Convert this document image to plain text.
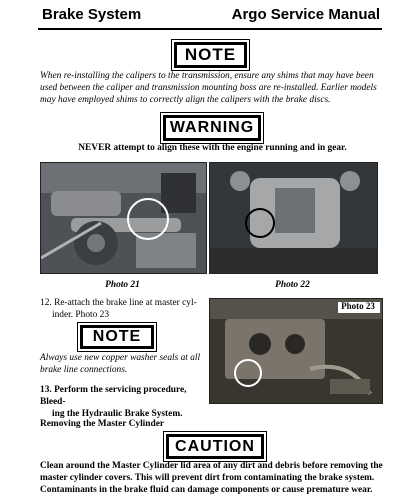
Brake System	Argo Service Manual
NOTE
When re-installing the calipers to the transmission, ensure any shims that may have been
used between the caliper and transmission mounting boss are re-installed. Earlier models
may have employed shims to correctly align the calipers with the brake discs.
WARNING
NEVER attempt to align these with the engine running and in gear.
Photo 21	Photo 22
12. Re-attach the brake line at master cyl-
inder. Photo 23
NOTE
Always use new copper washer seals at all
brake line connections.
13. Perform the servicing procedure, Bleed-
ing the Hydraulic Brake System.
Removing the Master Cylinder
Photo 23
CAUTION
Clean around the Master Cylinder lid area of any dirt and debris before removing the
master cylinder covers. This will prevent dirt from contaminating the brake system.
Contaminants in the brake fluid can damage components or cause premature wear.
